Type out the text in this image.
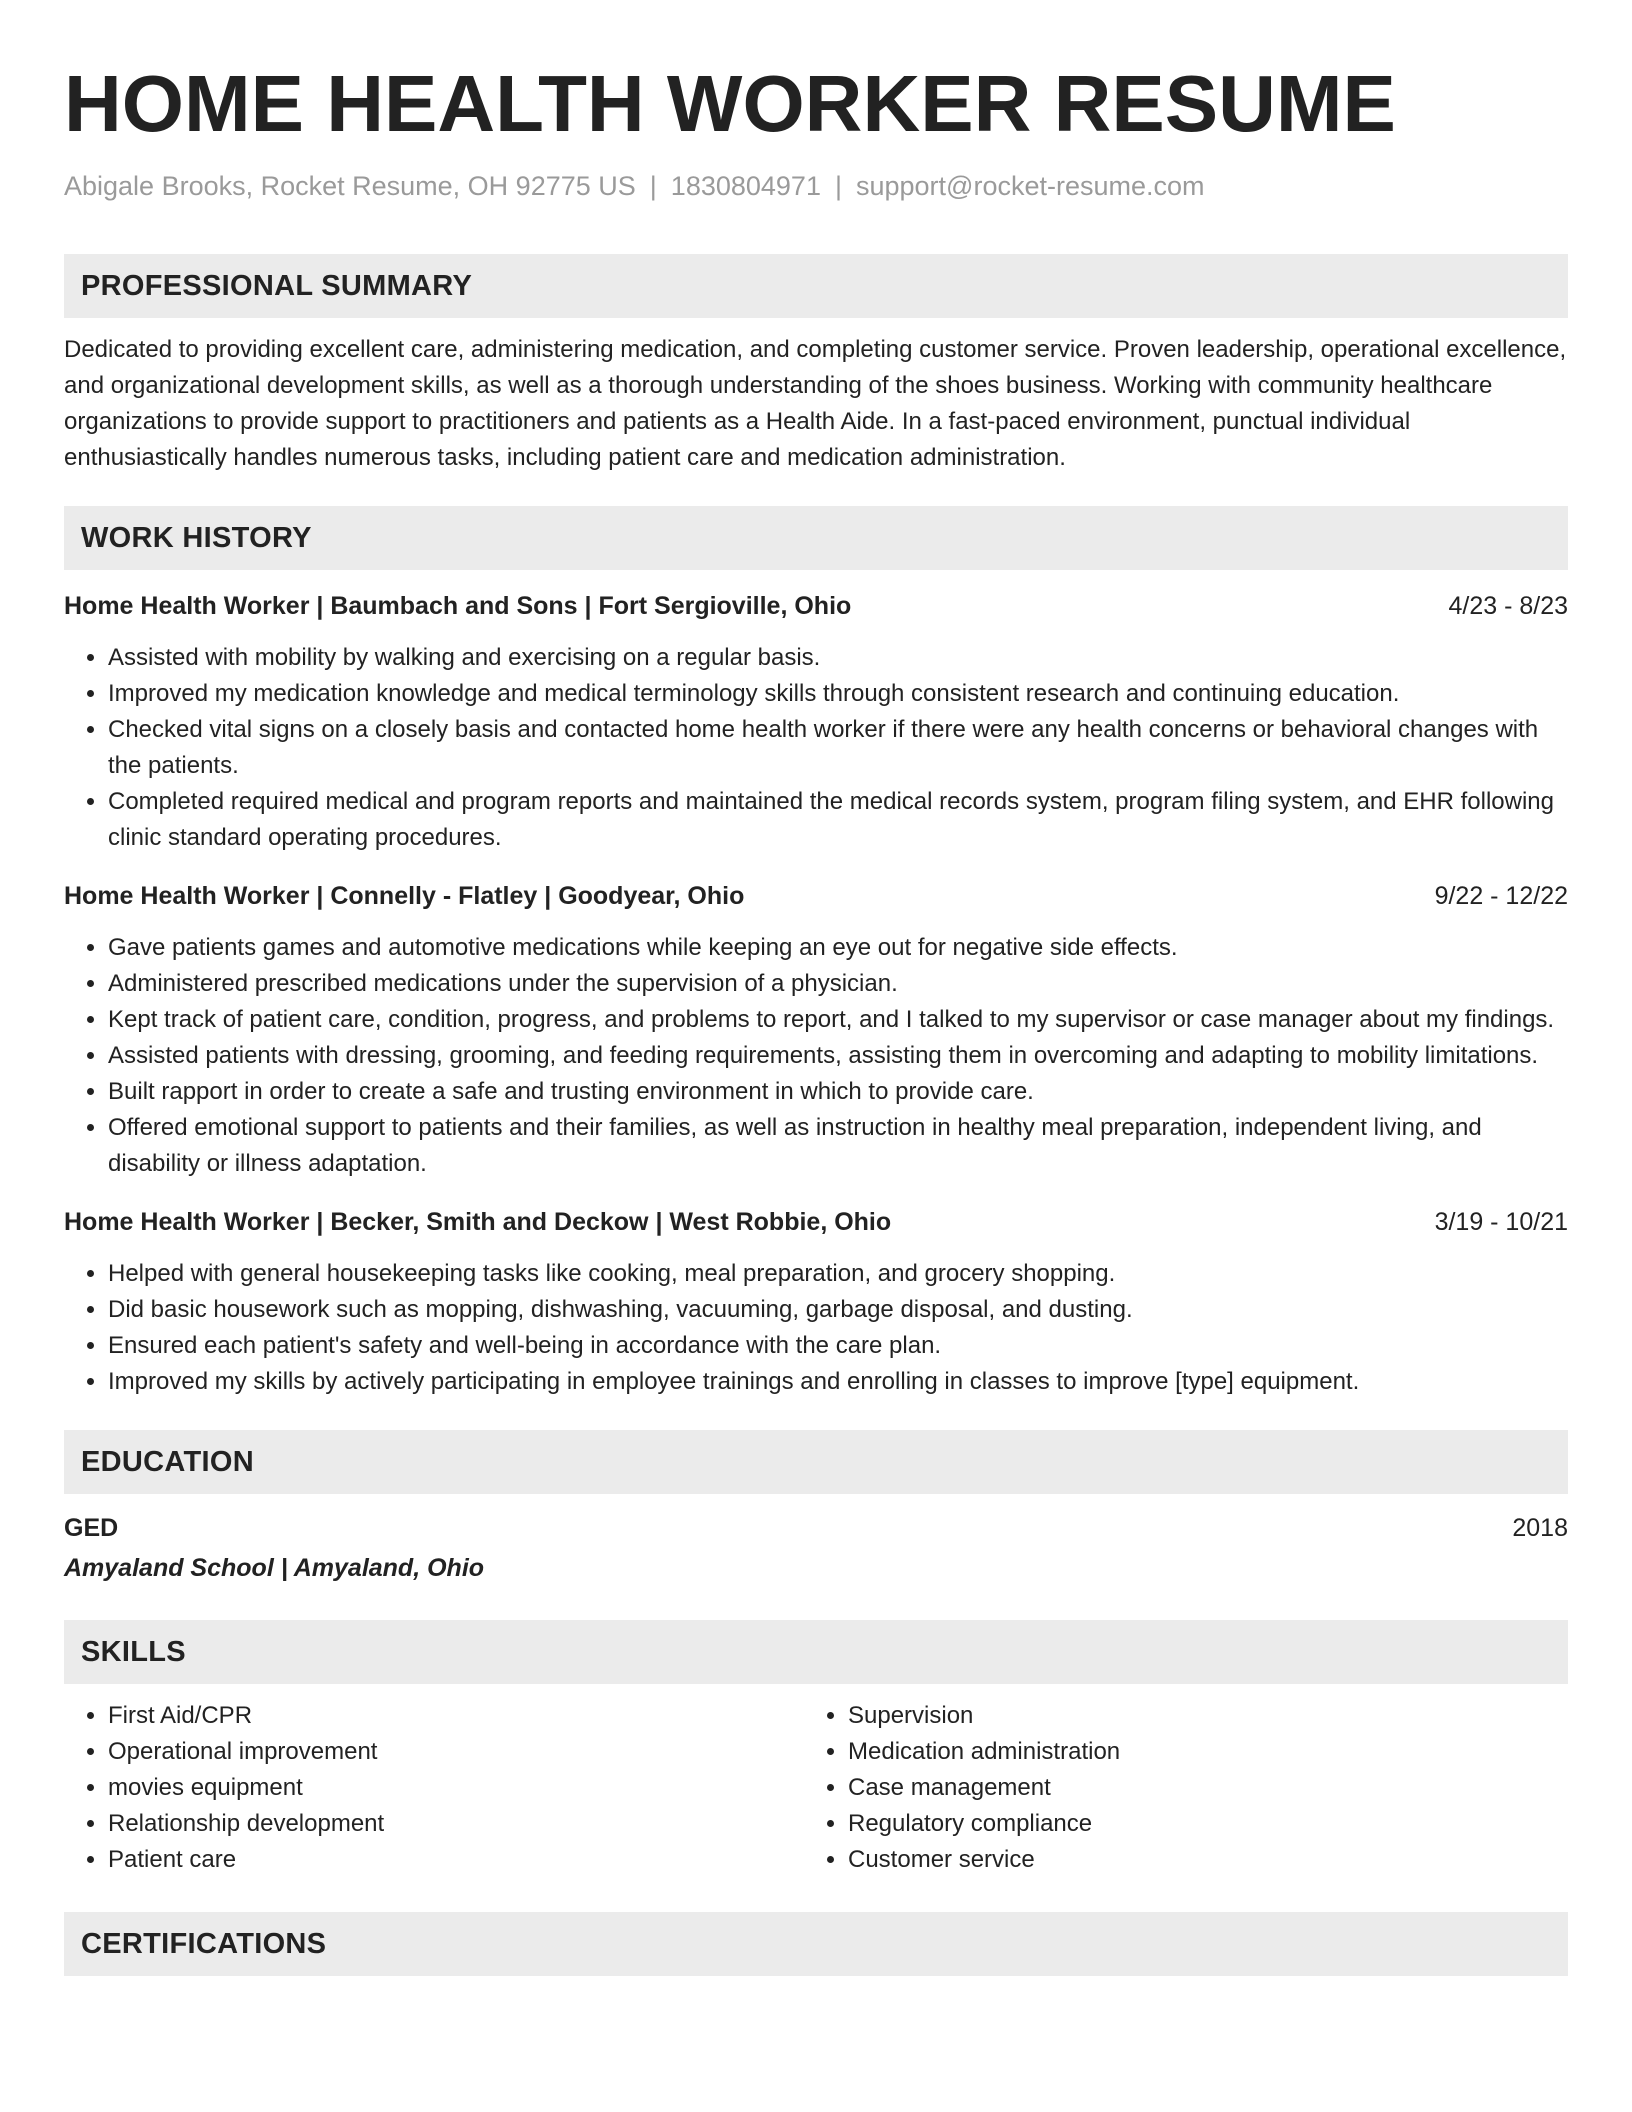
HOME HEALTH WORKER RESUME
Abigale Brooks, Rocket Resume, OH 92775 US | 1830804971 | support@rocket-resume.com
PROFESSIONAL SUMMARY
Dedicated to providing excellent care, administering medication, and completing customer service. Proven leadership, operational excellence, and organizational development skills, as well as a thorough understanding of the shoes business. Working with community healthcare organizations to provide support to practitioners and patients as a Health Aide. In a fast-paced environment, punctual individual enthusiastically handles numerous tasks, including patient care and medication administration.
WORK HISTORY
Home Health Worker | Baumbach and Sons | Fort Sergioville, Ohio	4/23 - 8/23
• Assisted with mobility by walking and exercising on a regular basis.
• Improved my medication knowledge and medical terminology skills through consistent research and continuing education.
• Checked vital signs on a closely basis and contacted home health worker if there were any health concerns or behavioral changes with the patients.
• Completed required medical and program reports and maintained the medical records system, program filing system, and EHR following clinic standard operating procedures.
Home Health Worker | Connelly - Flatley | Goodyear, Ohio	9/22 - 12/22
• Gave patients games and automotive medications while keeping an eye out for negative side effects.
• Administered prescribed medications under the supervision of a physician.
• Kept track of patient care, condition, progress, and problems to report, and I talked to my supervisor or case manager about my findings.
• Assisted patients with dressing, grooming, and feeding requirements, assisting them in overcoming and adapting to mobility limitations.
• Built rapport in order to create a safe and trusting environment in which to provide care.
• Offered emotional support to patients and their families, as well as instruction in healthy meal preparation, independent living, and disability or illness adaptation.
Home Health Worker | Becker, Smith and Deckow | West Robbie, Ohio	3/19 - 10/21
• Helped with general housekeeping tasks like cooking, meal preparation, and grocery shopping.
• Did basic housework such as mopping, dishwashing, vacuuming, garbage disposal, and dusting.
• Ensured each patient's safety and well-being in accordance with the care plan.
• Improved my skills by actively participating in employee trainings and enrolling in classes to improve [type] equipment.
EDUCATION
GED	2018
Amyaland School | Amyaland, Ohio
SKILLS
• First Aid/CPR
• Operational improvement
• movies equipment
• Relationship development
• Patient care
• Supervision
• Medication administration
• Case management
• Regulatory compliance
• Customer service
CERTIFICATIONS
